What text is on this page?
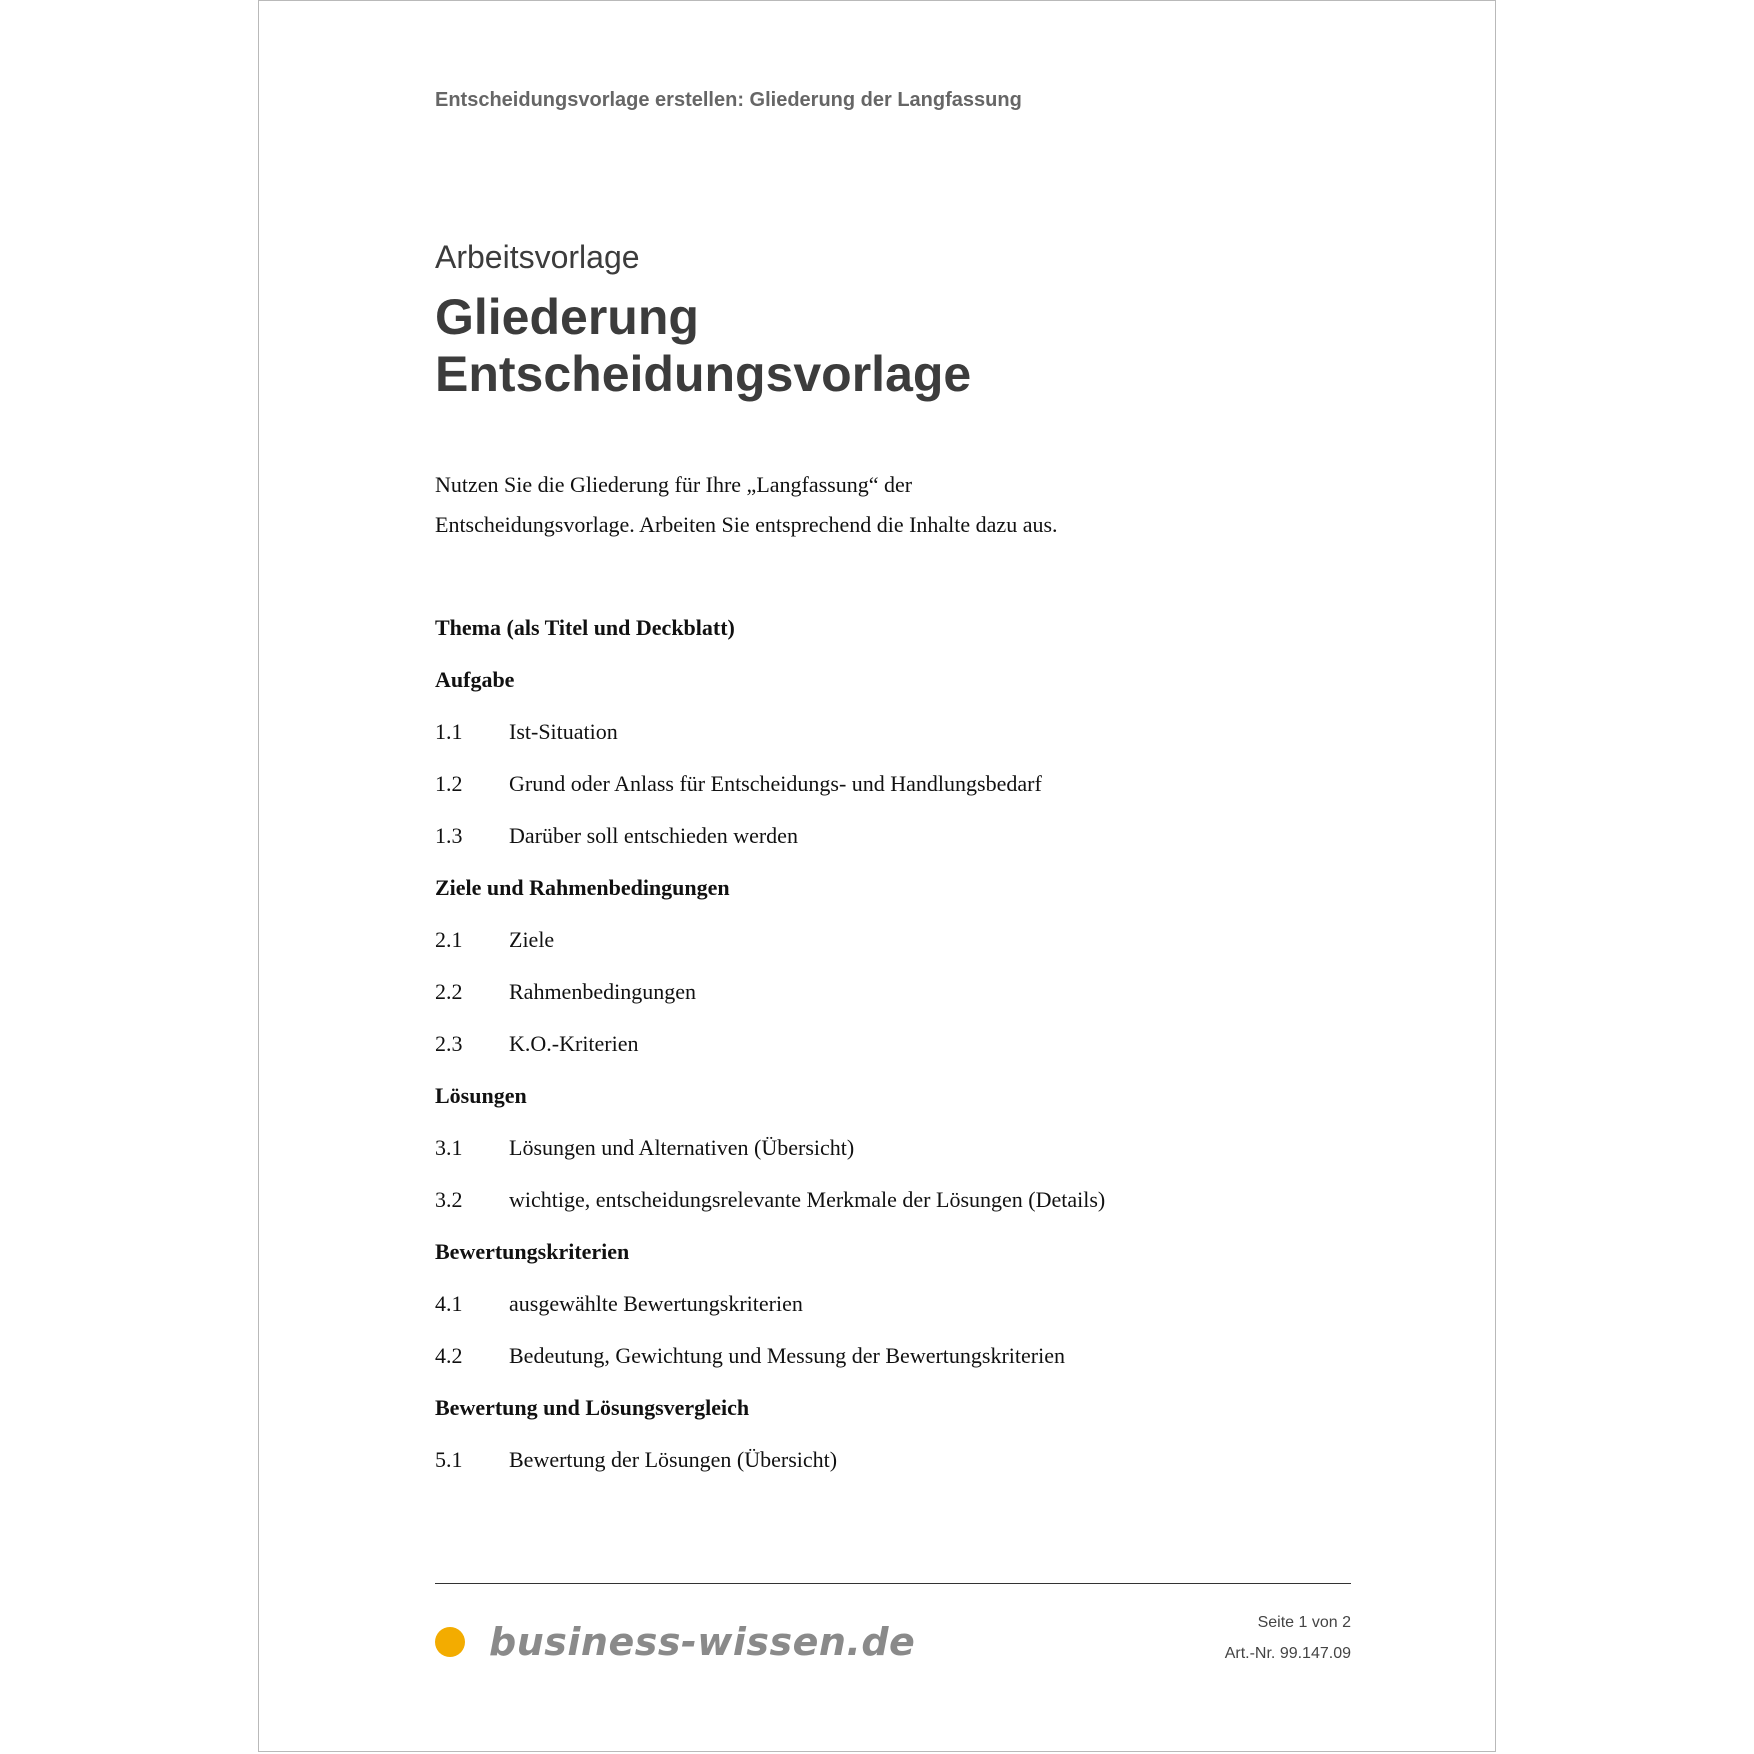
Entscheidungsvorlage erstellen: Gliederung der Langfassung
Arbeitsvorlage
Gliederung
Entscheidungsvorlage
Nutzen Sie die Gliederung für Ihre „Langfassung“ der
Entscheidungsvorlage. Arbeiten Sie entsprechend die Inhalte dazu aus.
Thema (als Titel und Deckblatt)
Aufgabe
1.1 Ist-Situation
1.2 Grund oder Anlass für Entscheidungs- und Handlungsbedarf
1.3 Darüber soll entschieden werden
Ziele und Rahmenbedingungen
2.1 Ziele
2.2 Rahmenbedingungen
2.3 K.O.-Kriterien
Lösungen
3.1 Lösungen und Alternativen (Übersicht)
3.2 wichtige, entscheidungsrelevante Merkmale der Lösungen (Details)
Bewertungskriterien
4.1 ausgewählte Bewertungskriterien
4.2 Bedeutung, Gewichtung und Messung der Bewertungskriterien
Bewertung und Lösungsvergleich
5.1 Bewertung der Lösungen (Übersicht)
business-wissen.de	Seite 1 von 2
Art.-Nr. 99.147.09
